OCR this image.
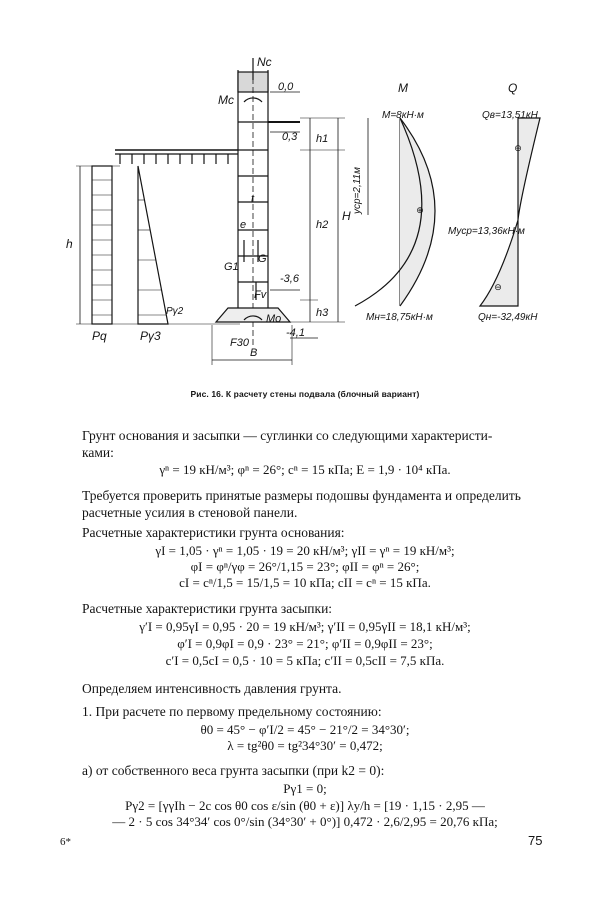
⊕
⊕
⊖
Nc
Mc
0,0
0,3 h1
h
H
h2
h3
ycp=2,11м
t
e
G1
G
Fv
-3,6
-4,1
Mo
F30
B
Pq	Pγ3
Pγ2
M	Q
M=8кН·м	Qв=13,51кН
Mycp=13,36кН·м
Mн=18,75кН·м	Qн=-32,49кН
Рис. 16. К расчету стены подвала (блочный вариант)
Грунт основания и засыпки — суглинки со следующими характеристи-
ками:
γⁿ = 19 кН/м³; φⁿ = 26°; cⁿ = 15 кПа; E = 1,9 · 10⁴ кПа.
Требуется проверить принятые размеры подошвы фундамента и определить
расчетные усилия в стеновой панели.
Расчетные характеристики грунта основания:
γI = 1,05 · γⁿ = 1,05 · 19 = 20 кН/м³; γII = γⁿ = 19 кН/м³;
φI = φⁿ/γφ = 26°/1,15 = 23°; φII = φⁿ = 26°;
cI = cⁿ/1,5 = 15/1,5 = 10 кПа; cII = cⁿ = 15 кПа.
Расчетные характеристики грунта засыпки:
γ′I = 0,95γI = 0,95 · 20 = 19 кН/м³; γ′II = 0,95γII = 18,1 кН/м³;
φ′I = 0,9φI = 0,9 · 23° = 21°; φ′II = 0,9φII = 23°;
c′I = 0,5cI = 0,5 · 10 = 5 кПа; c′II = 0,5cII = 7,5 кПа.
Определяем интенсивность давления грунта.
1. При расчете по первому предельному состоянию:
θ0 = 45° − φ′I/2 = 45° − 21°/2 = 34°30′;
λ = tg²θ0 = tg²34°30′ = 0,472;
а) от собственного веса грунта засыпки (при k2 = 0):
Pγ1 = 0;
Pγ2 = [γγIh − 2c cos θ0 cos ε/sin (θ0 + ε)] λy/h = [19 · 1,15 · 2,95 —
— 2 · 5 cos 34°34′ cos 0°/sin (34°30′ + 0°)] 0,472 · 2,6/2,95 = 20,76 кПа;
6*	75
